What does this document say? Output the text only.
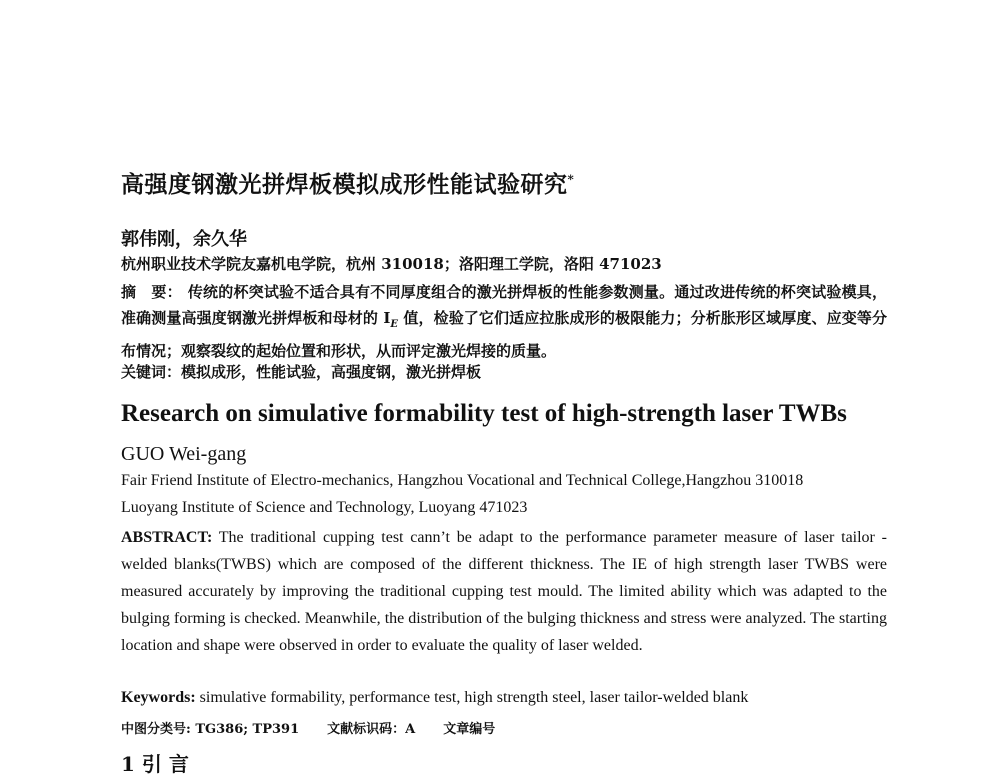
高强度钢激光拼焊板模拟成形性能试验研究*
郭伟刚，余久华
杭州职业技术学院友嘉机电学院，杭州 310018；洛阳理工学院，洛阳 471023
摘　要： 传统的杯突试验不适合具有不同厚度组合的激光拼焊板的性能参数测量。通过改进传统的杯突试验模具，准确测量高强度钢激光拼焊板和母材的 $I_E$ 值，检验了它们适应拉胀成形的极限能力；分析胀形区域厚度、应变等分布情况；观察裂纹的起始位置和形状，从而评定激光焊接的质量。
关键词：模拟成形，性能试验，高强度钢，激光拼焊板
Research on simulative formability test of high-strength laser TWBs
GUO Wei-gang
Fair Friend Institute of Electro-mechanics, Hangzhou Vocational and Technical College,Hangzhou 310018
Luoyang Institute of Science and Technology, Luoyang 471023
ABSTRACT: The traditional cupping test cann’t be adapt to the performance parameter measure of laser tailor -welded blanks(TWBS) which are composed of the different thickness. The IE of high strength laser TWBS were measured accurately by improving the traditional cupping test mould. The limited ability which was adapted to the bulging forming is checked. Meanwhile, the distribution of the bulging thickness and stress were analyzed. The starting location and shape were observed in order to evaluate the quality of laser welded.
Keywords: simulative formability, performance test, high strength steel, laser tailor-welded blank
中图分类号: TG386; TP391 文献标识码：A 文章编号
1 引 言
